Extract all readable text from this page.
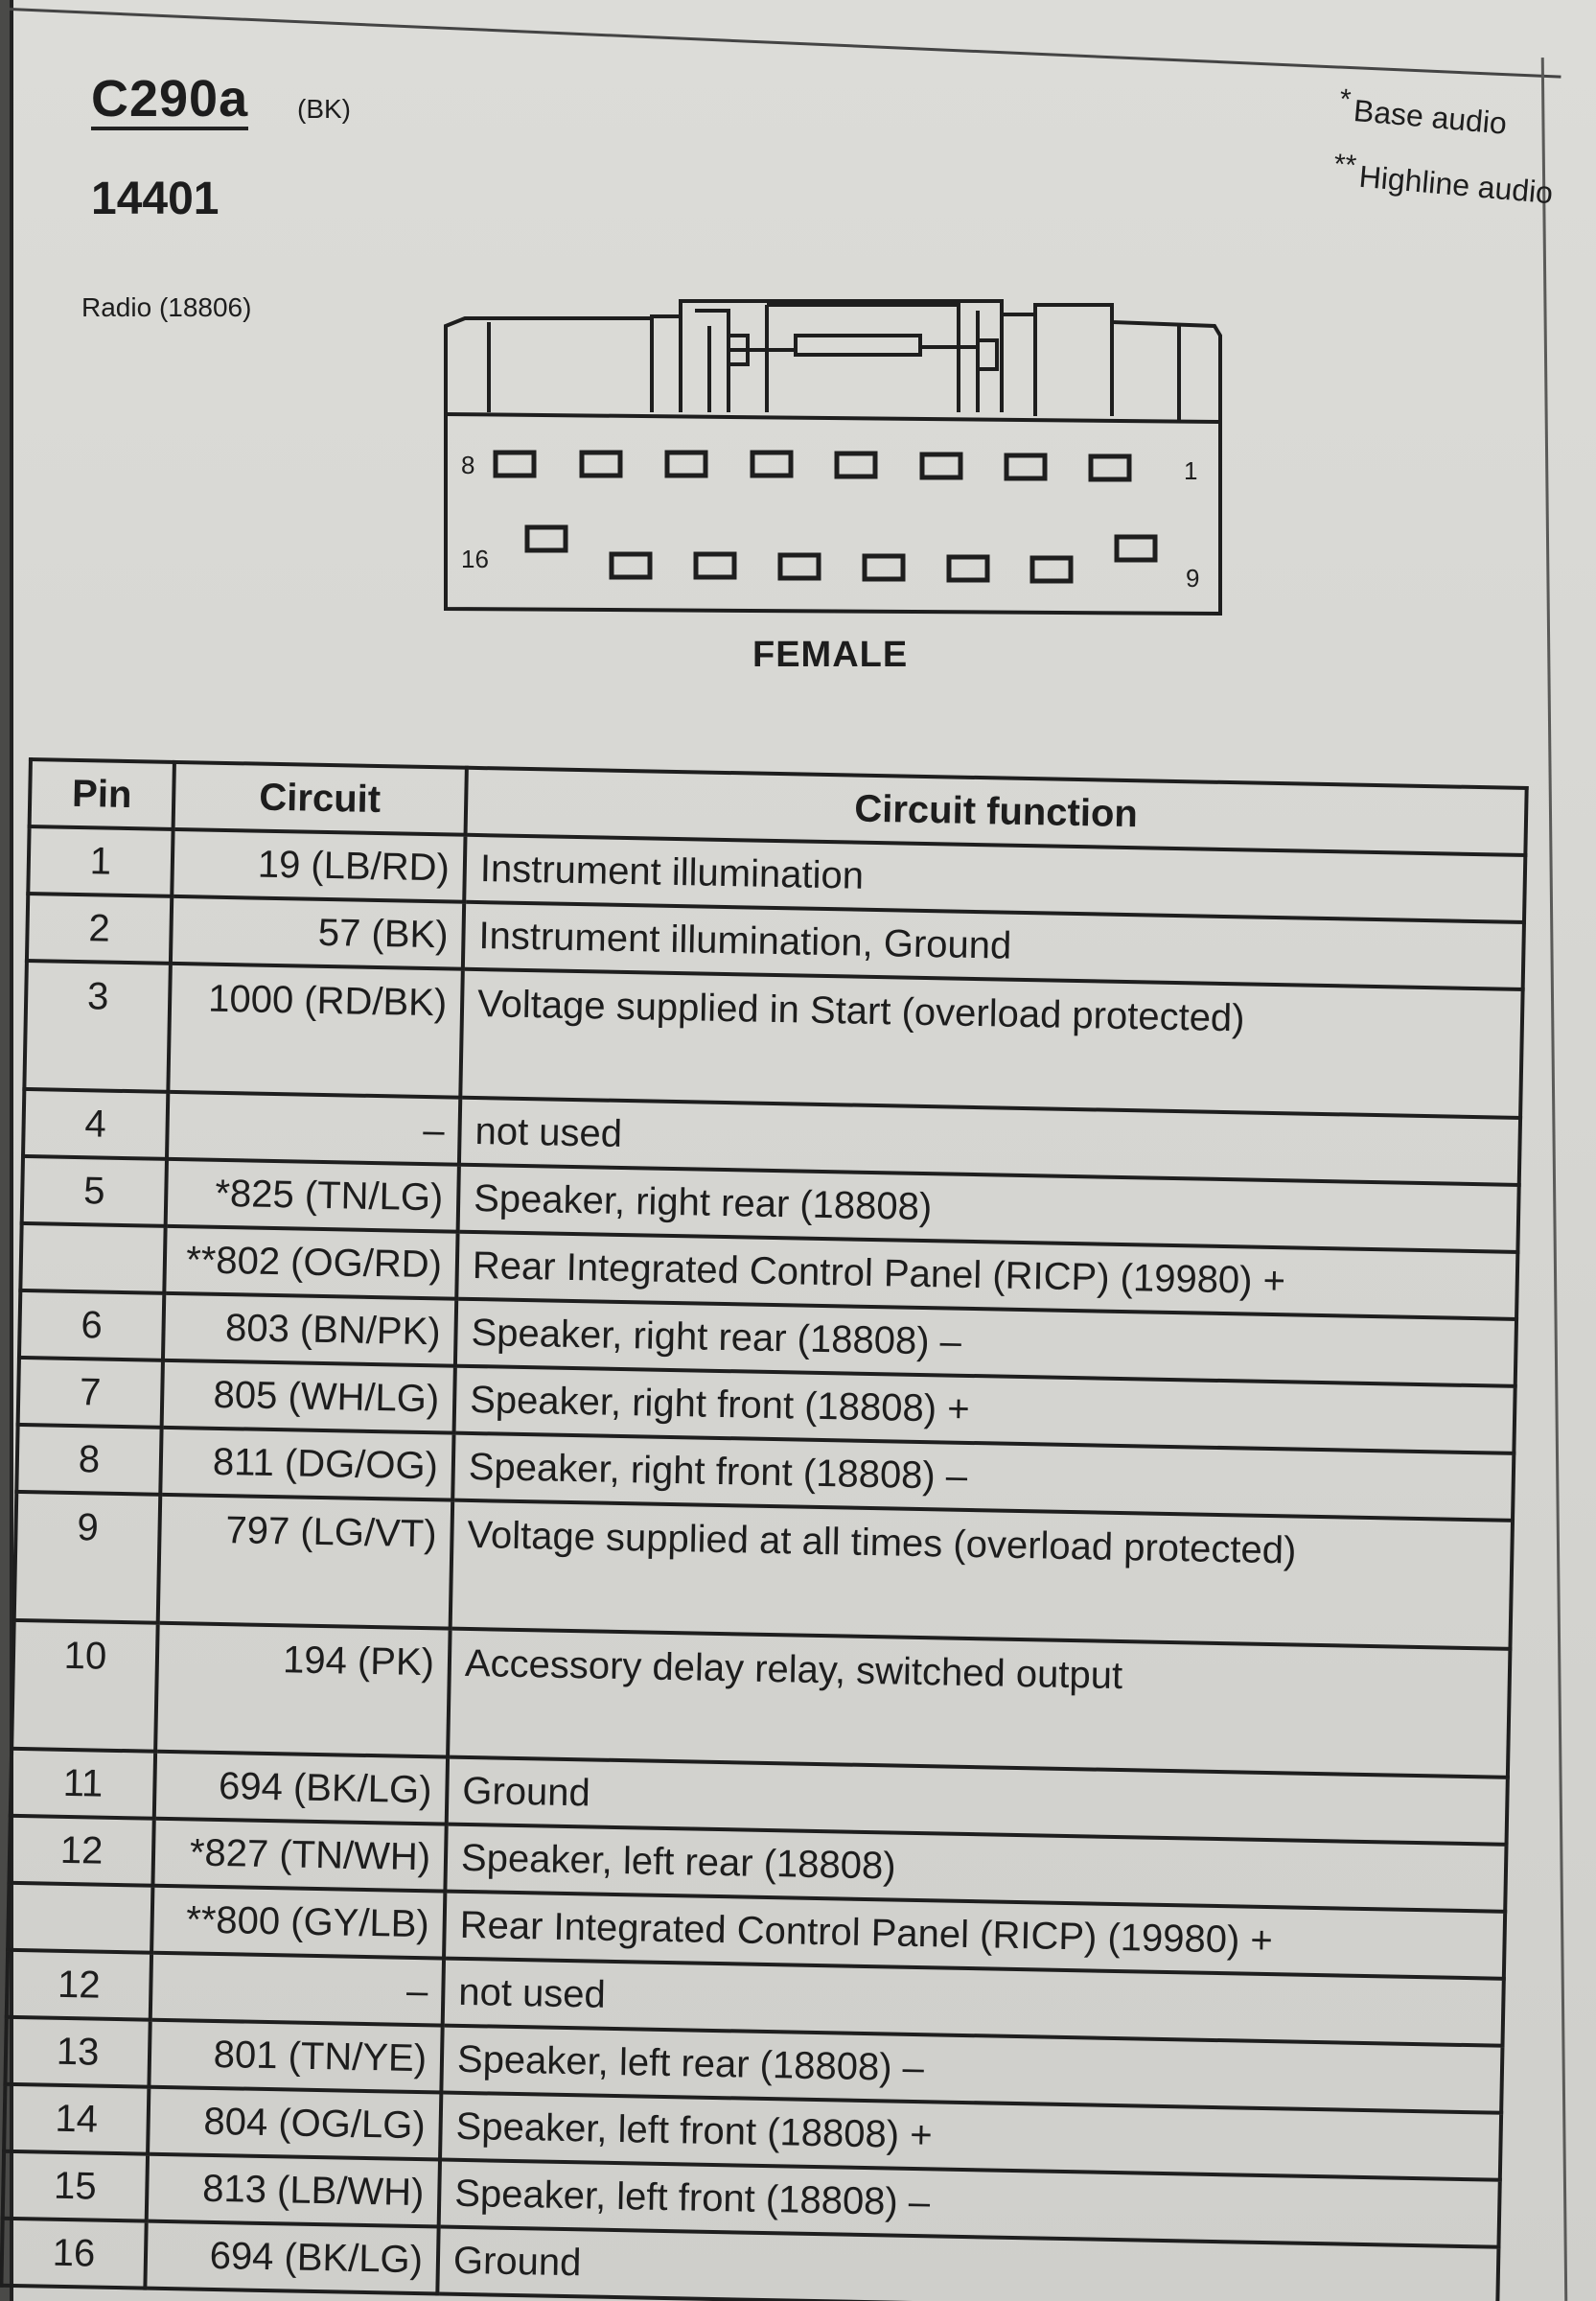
C290a (BK)
14401
Radio (18806)
*Base audio
**Highline audio
8	1
16
9
FEMALE
Pin	Circuit	Circuit function
1	19 (LB/RD)	Instrument illumination
2	57 (BK)	Instrument illumination, Ground
3	1000 (RD/BK)	Voltage supplied in Start (overload protected)
4	–	not used
5	*825 (TN/LG)	Speaker, right rear (18808)
	**802 (OG/RD)	Rear Integrated Control Panel (RICP) (19980) +
6	803 (BN/PK)	Speaker, right rear (18808) –
7	805 (WH/LG)	Speaker, right front (18808) +
8	811 (DG/OG)	Speaker, right front (18808) –
9	797 (LG/VT)	Voltage supplied at all times (overload protected)
10	194 (PK)	Accessory delay relay, switched output
11	694 (BK/LG)	Ground
12	*827 (TN/WH)	Speaker, left rear (18808)
	**800 (GY/LB)	Rear Integrated Control Panel (RICP) (19980) +
12	–	not used
13	801 (TN/YE)	Speaker, left rear (18808) –
14	804 (OG/LG)	Speaker, left front (18808) +
15	813 (LB/WH)	Speaker, left front (18808) –
16	694 (BK/LG)	Ground
